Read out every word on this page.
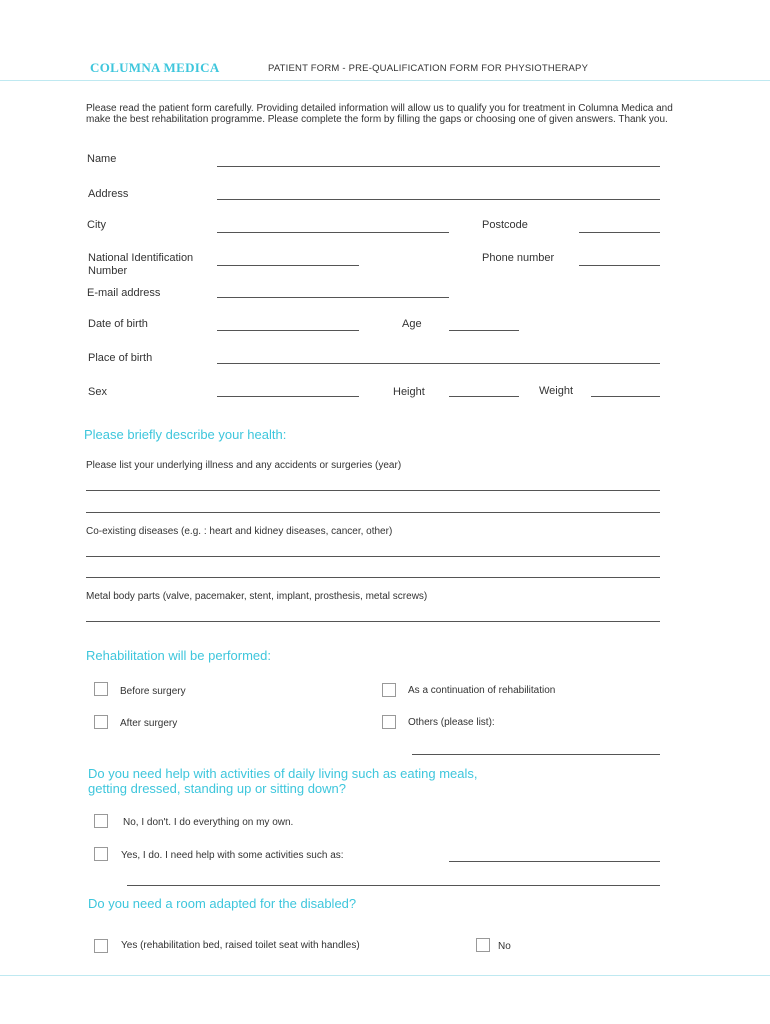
COLUMNA MEDICA	PATIENT FORM - PRE-QUALIFICATION FORM FOR PHYSIOTHERAPY
Please read the patient form carefully. Providing detailed information will allow us to qualify you for treatment in Columna Medica and make the best rehabilitation programme. Please complete the form by filling the gaps or choosing one of given answers. Thank you.
Name
Address
City	Postcode
National Identification Number
Phone number
E-mail address
Date of birth	Age
Place of birth
Sex	Height	Weight
Please briefly describe your health:
Please list your underlying illness and any accidents or surgeries (year)
Co-existing diseases (e.g. : heart and kidney diseases, cancer, other)
Metal body parts (valve, pacemaker, stent, implant, prosthesis, metal screws)
Rehabilitation will be performed:
Before surgery
After surgery
As a continuation of rehabilitation
Others (please list):
Do you need help with activities of daily living such as eating meals,
getting dressed, standing up or sitting down?
No, I don't. I do everything on my own.
Yes, I do. I need help with some activities such as:
Do you need a room adapted for the disabled?
Yes (rehabilitation bed, raised toilet seat with handles)	No
